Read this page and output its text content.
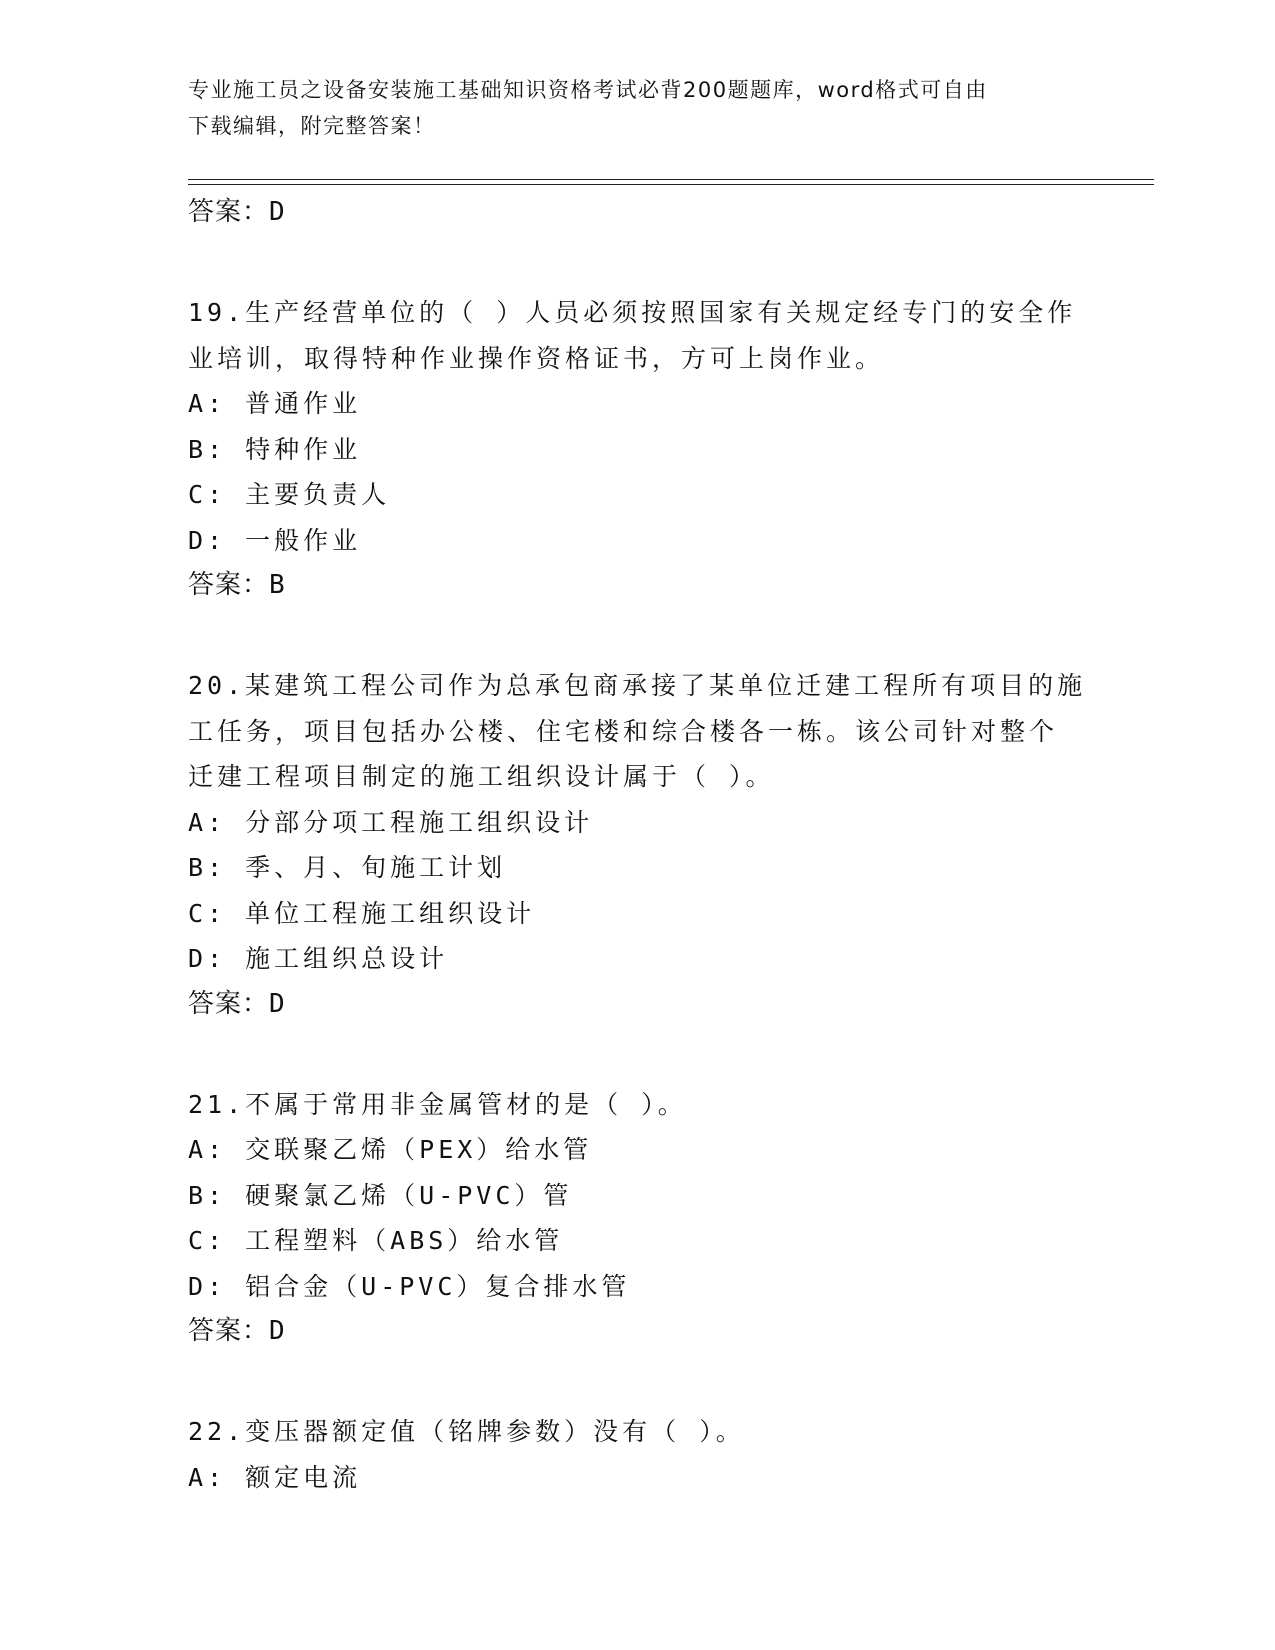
专业施工员之设备安装施工基础知识资格考试必背200题题库，word格式可自由
下载编辑，附完整答案！
答案：D
19.生产经营单位的（ ）人员必须按照国家有关规定经专门的安全作
业培训，取得特种作业操作资格证书，方可上岗作业。
A: 普通作业
B: 特种作业
C: 主要负责人
D: 一般作业
答案：B
20.某建筑工程公司作为总承包商承接了某单位迁建工程所有项目的施
工任务，项目包括办公楼、住宅楼和综合楼各一栋。该公司针对整个
迁建工程项目制定的施工组织设计属于（ ）。
A: 分部分项工程施工组织设计
B: 季、月、旬施工计划
C: 单位工程施工组织设计
D: 施工组织总设计
答案：D
21.不属于常用非金属管材的是（ ）。
A: 交联聚乙烯（PEX）给水管
B: 硬聚氯乙烯（U-PVC）管
C: 工程塑料（ABS）给水管
D: 铝合金（U-PVC）复合排水管
答案：D
22.变压器额定值（铭牌参数）没有（ ）。
A: 额定电流
